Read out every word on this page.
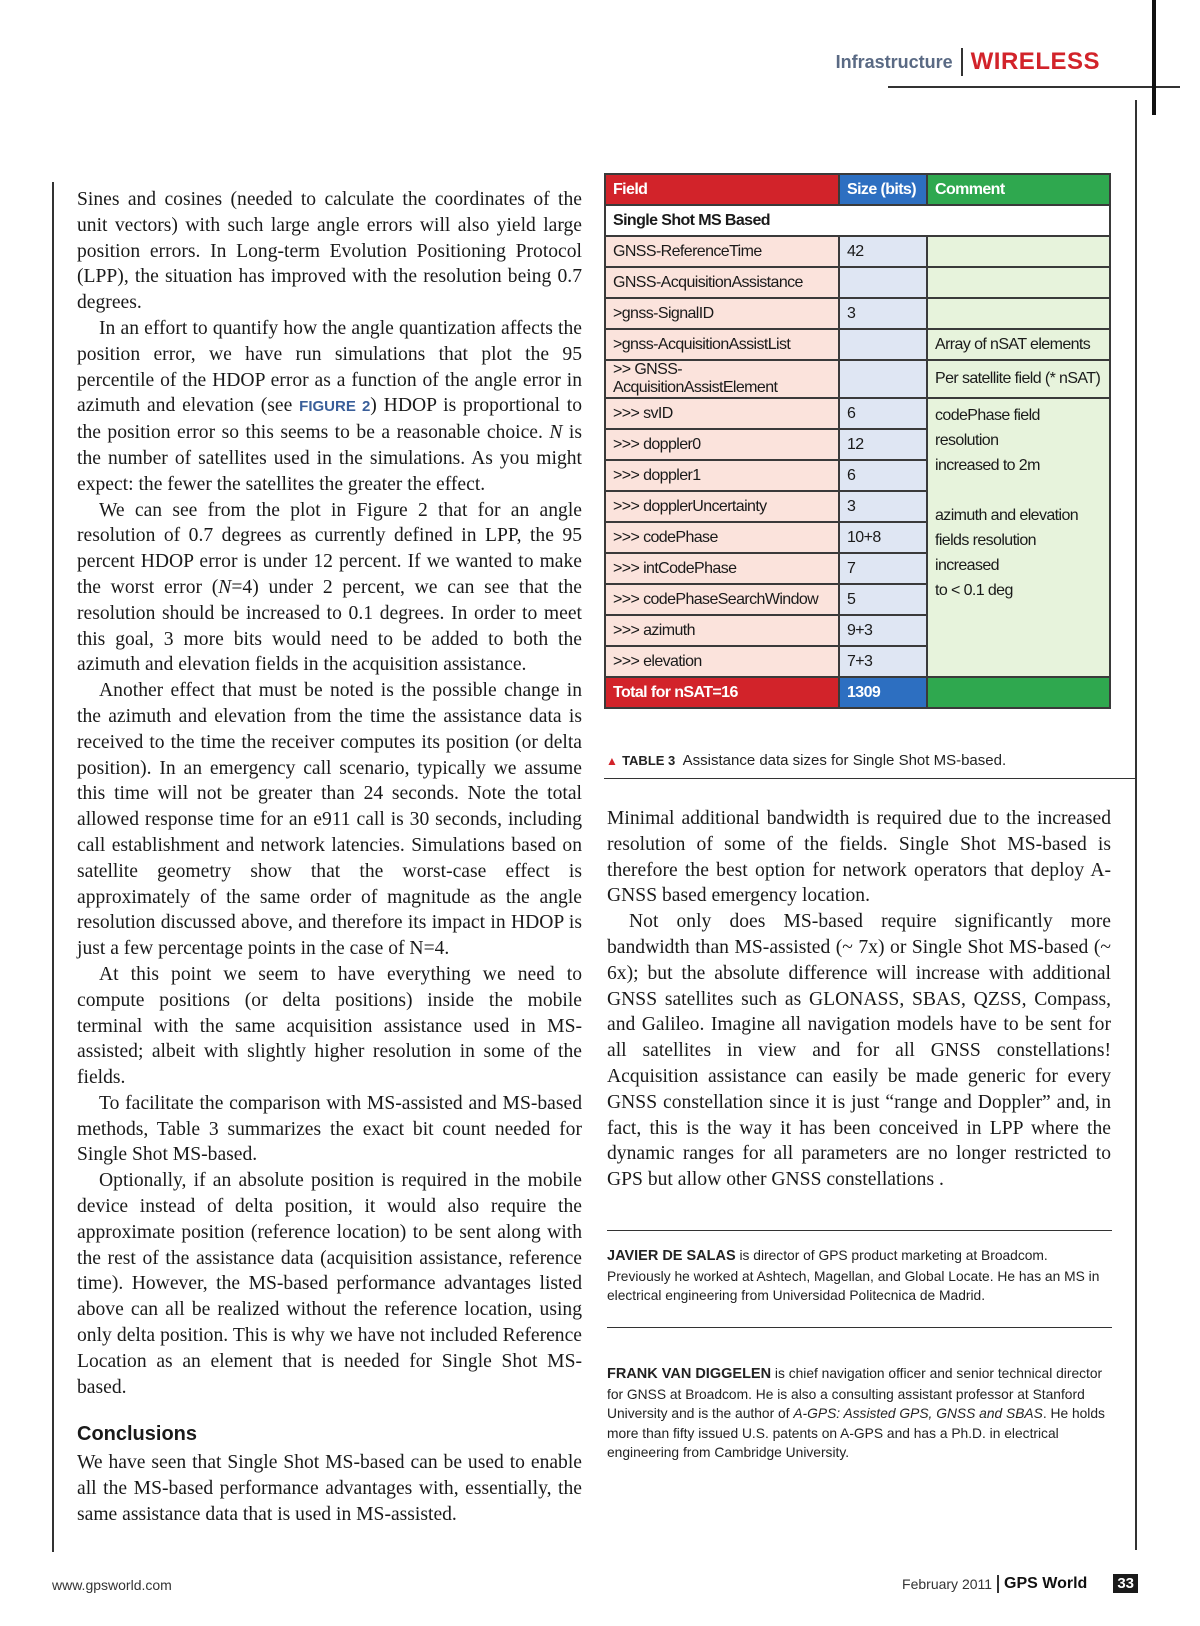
Infrastructure WIRELESS

Sines and cosines (needed to calculate the coordinates of the unit vectors) with such large angle errors will also yield large position errors. In Long-term Evolution Positioning Protocol (LPP), the situation has improved with the resolution being 0.7 degrees.

In an effort to quantify how the angle quantization affects the position error, we have run simulations that plot the 95 percentile of the HDOP error as a function of the angle error in azimuth and elevation (see FIGURE 2) HDOP is proportional to the position error so this seems to be a reasonable choice. N is the number of satellites used in the simulations. As you might expect: the fewer the satellites the greater the effect.

We can see from the plot in Figure 2 that for an angle resolution of 0.7 degrees as currently defined in LPP, the 95 percent HDOP error is under 12 percent. If we wanted to make the worst error (N=4) under 2 percent, we can see that the resolution should be increased to 0.1 degrees. In order to meet this goal, 3 more bits would need to be added to both the azimuth and elevation fields in the acquisition assistance.

Another effect that must be noted is the possible change in the azimuth and elevation from the time the assistance data is received to the time the receiver computes its position (or delta position). In an emergency call scenario, typically we assume this time will not be greater than 24 seconds. Note the total allowed response time for an e911 call is 30 seconds, including call establishment and network latencies. Simulations based on satellite geometry show that the worst-case effect is approximately of the same order of magnitude as the angle resolution discussed above, and therefore its impact in HDOP is just a few percentage points in the case of N=4.

At this point we seem to have everything we need to compute positions (or delta positions) inside the mobile terminal with the same acquisition assistance used in MS-assisted; albeit with slightly higher resolution in some of the fields.

To facilitate the comparison with MS-assisted and MS-based methods, Table 3 summarizes the exact bit count needed for Single Shot MS-based.

Optionally, if an absolute position is required in the mobile device instead of delta position, it would also require the approximate position (reference location) to be sent along with the rest of the assistance data (acquisition assistance, reference time). However, the MS-based performance advantages listed above can all be realized without the reference location, using only delta position. This is why we have not included Reference Location as an element that is needed for Single Shot MS-based.

Conclusions

We have seen that Single Shot MS-based can be used to enable all the MS-based performance advantages with, essentially, the same assistance data that is used in MS-assisted.

Field	Size (bits)	Comment
Single Shot MS Based		
GNSS-ReferenceTime	42	
GNSS-AcquisitionAssistance		
>gnss-SignalID	3	
>gnss-AcquisitionAssistList		Array of nSAT elements
>> GNSS-AcquisitionAssistElement		Per satellite field (* nSAT)
>>> svID	6	codePhase field resolution
increased to 2m
azimuth and elevation
fields resolution increased
to < 0.1 deg

>>> doppler0	12	
>>> doppler1	6	
>>> dopplerUncertainty	3	
>>> codePhase	10+8	
>>> intCodePhase	7	
>>> codePhaseSearchWindow	5	
>>> azimuth	9+3	
>>> elevation	7+3	
Total for nSAT=16	1309	
▲ TABLE 3 Assistance data sizes for Single Shot MS-based.

Minimal additional bandwidth is required due to the increased resolution of some of the fields. Single Shot MS-based is therefore the best option for network operators that deploy A-GNSS based emergency location.

Not only does MS-based require significantly more bandwidth than MS-assisted (~ 7x) or Single Shot MS-based (~ 6x); but the absolute difference will increase with additional GNSS satellites such as GLONASS, SBAS, QZSS, Compass, and Galileo. Imagine all navigation models have to be sent for all satellites in view and for all GNSS constellations! Acquisition assistance can easily be made generic for every GNSS constellation since it is just “range and Doppler” and, in fact, this is the way it has been conceived in LPP where the dynamic ranges for all parameters are no longer restricted to GPS but allow other GNSS constellations .

JAVIER DE SALAS is director of GPS product marketing at Broadcom. Previously he worked at Ashtech, Magellan, and Global Locate. He has an MS in electrical engineering from Universidad Politecnica de Madrid.
FRANK VAN DIGGELEN is chief navigation officer and senior technical director for GNSS at Broadcom. He is also a consulting assistant professor at Stanford University and is the author of A-GPS: Assisted GPS, GNSS and SBAS. He holds more than fifty issued U.S. patents on A-GPS and has a Ph.D. in electrical engineering from Cambridge University.
www.gpsworld.com	February 2011 GPS World 33
